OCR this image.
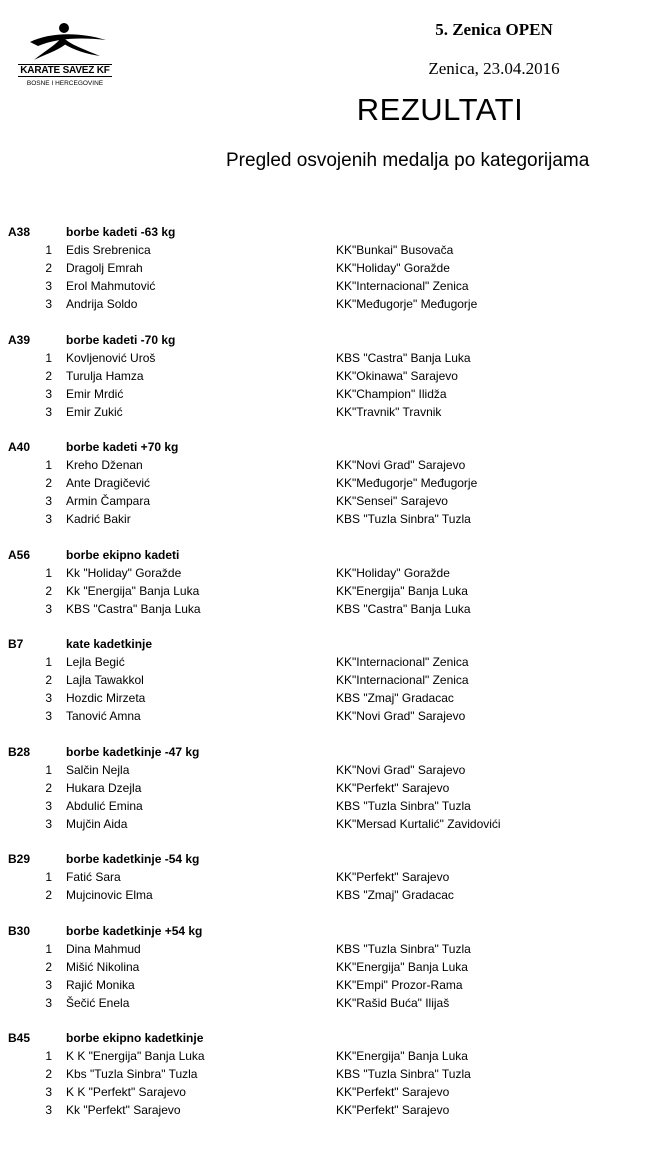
KARATE SAVEZ KF
BOSNE I HERCEGOVINE
5. Zenica OPEN
Zenica, 23.04.2016
REZULTATI
Pregled osvojenih medalja po kategorijama
A38	borbe kadeti -63 kg
1 Edis Srebrenica	KK"Bunkai" Busovača
2 Dragolj Emrah	KK"Holiday" Goražde
3 Erol Mahmutović	KK"Internacional" Zenica
3 Andrija Soldo	KK"Međugorje" Međugorje
A39	borbe kadeti -70 kg
1 Kovljenović Uroš	KBS "Castra" Banja Luka
2 Turulja Hamza	KK"Okinawa" Sarajevo
3 Emir Mrdić	KK"Champion" Ilidža
3 Emir Zukić	KK"Travnik" Travnik
A40	borbe kadeti +70 kg
1 Kreho Dženan	KK"Novi Grad" Sarajevo
2 Ante Dragičević	KK"Međugorje" Međugorje
3 Armin Čampara	KK"Sensei" Sarajevo
3 Kadrić Bakir	KBS "Tuzla Sinbra" Tuzla
A56	borbe ekipno kadeti
1 Kk "Holiday" Goražde	KK"Holiday" Goražde
2 Kk "Energija" Banja Luka	KK"Energija" Banja Luka
3 KBS "Castra" Banja Luka	KBS "Castra" Banja Luka
B7	kate kadetkinje
1 Lejla Begić	KK"Internacional" Zenica
2 Lajla Tawakkol	KK"Internacional" Zenica
3 Hozdic Mirzeta	KBS "Zmaj" Gradacac
3 Tanović Amna	KK"Novi Grad" Sarajevo
B28	borbe kadetkinje -47 kg
1 Salčin Nejla	KK"Novi Grad" Sarajevo
2 Hukara Dzejla	KK"Perfekt" Sarajevo
3 Abdulić Emina	KBS "Tuzla Sinbra" Tuzla
3 Mujčin Aida	KK"Mersad Kurtalić" Zavidovići
B29	borbe kadetkinje -54 kg
1 Fatić Sara	KK"Perfekt" Sarajevo
2 Mujcinovic Elma	KBS "Zmaj" Gradacac
B30	borbe kadetkinje +54 kg
1 Dina Mahmud	KBS "Tuzla Sinbra" Tuzla
2 Mišić Nikolina	KK"Energija" Banja Luka
3 Rajić Monika	KK"Empi" Prozor-Rama
3 Šečić Enela	KK"Rašid Buća" Ilijaš
B45	borbe ekipno kadetkinje
1 K K "Energija" Banja Luka	KK"Energija" Banja Luka
2 Kbs "Tuzla Sinbra" Tuzla	KBS "Tuzla Sinbra" Tuzla
3 K K "Perfekt" Sarajevo	KK"Perfekt" Sarajevo
3 Kk "Perfekt" Sarajevo	KK"Perfekt" Sarajevo
